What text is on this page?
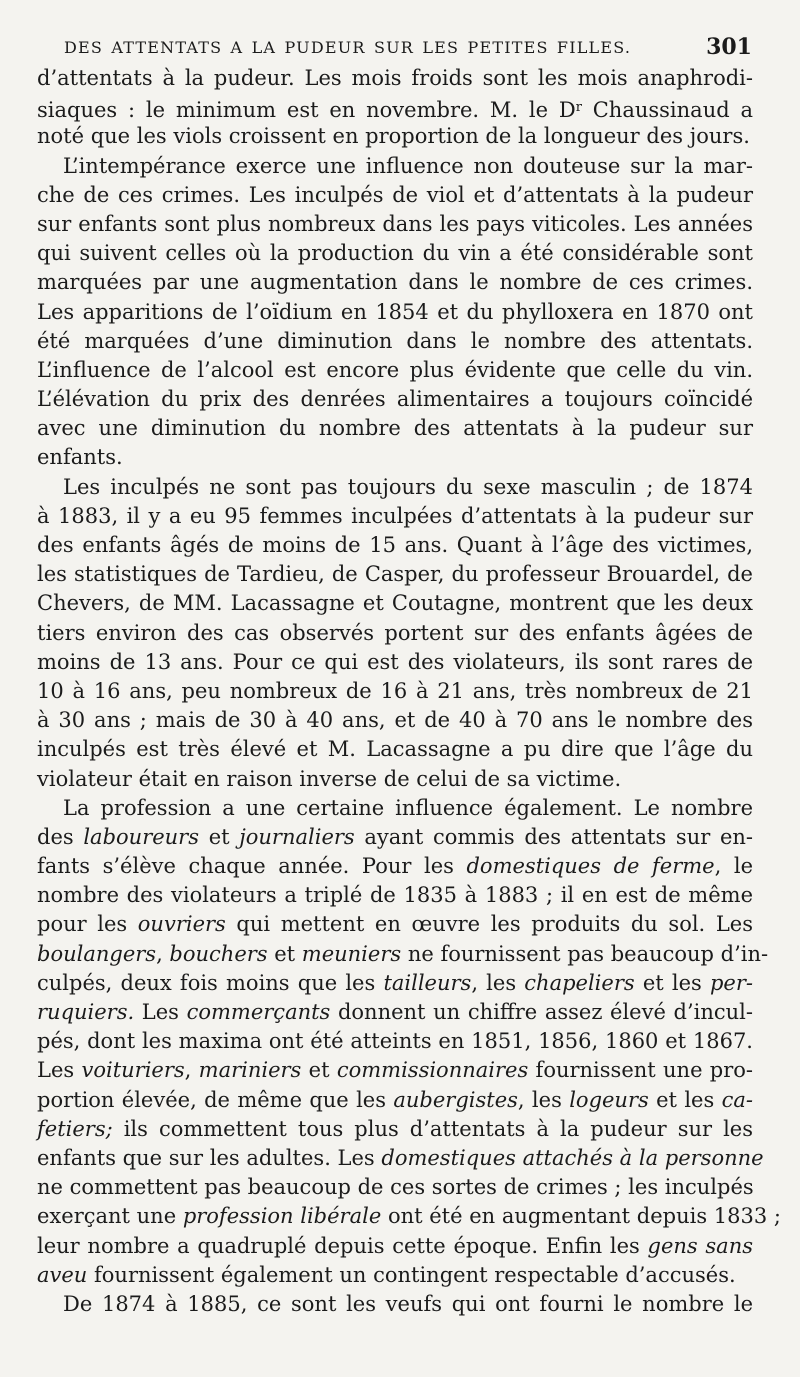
DES ATTENTATS A LA PUDEUR SUR LES PETITES FILLES.	301
d’attentats à la pudeur. Les mois froids sont les mois anaphrodi-
siaques : le minimum est en novembre. M. le $D^r$ Chaussinaud a
noté que les viols croissent en proportion de la longueur des jours.
L’intempérance exerce une influence non douteuse sur la mar-
che de ces crimes. Les inculpés de viol et d’attentats à la pudeur
sur enfants sont plus nombreux dans les pays viticoles. Les années
qui suivent celles où la production du vin a été considérable sont
marquées par une augmentation dans le nombre de ces crimes.
Les apparitions de l’oïdium en 1854 et du phylloxera en 1870 ont
été marquées d’une diminution dans le nombre des attentats.
L’influence de l’alcool est encore plus évidente que celle du vin.
L’élévation du prix des denrées alimentaires a toujours coïncidé
avec une diminution du nombre des attentats à la pudeur sur
enfants.
Les inculpés ne sont pas toujours du sexe masculin ; de 1874
à 1883, il y a eu 95 femmes inculpées d’attentats à la pudeur sur
des enfants âgés de moins de 15 ans. Quant à l’âge des victimes,
les statistiques de Tardieu, de Casper, du professeur Brouardel, de
Chevers, de MM. Lacassagne et Coutagne, montrent que les deux
tiers environ des cas observés portent sur des enfants âgées de
moins de 13 ans. Pour ce qui est des violateurs, ils sont rares de
10 à 16 ans, peu nombreux de 16 à 21 ans, très nombreux de 21
à 30 ans ; mais de 30 à 40 ans, et de 40 à 70 ans le nombre des
inculpés est très élevé et M. Lacassagne a pu dire que l’âge du
violateur était en raison inverse de celui de sa victime.
La profession a une certaine influence également. Le nombre
des laboureurs et journaliers ayant commis des attentats sur en-
fants s’élève chaque année. Pour les domestiques de ferme, le
nombre des violateurs a triplé de 1835 à 1883 ; il en est de même
pour les ouvriers qui mettent en œuvre les produits du sol. Les
boulangers, bouchers et meuniers ne fournissent pas beaucoup d’in-
culpés, deux fois moins que les tailleurs, les chapeliers et les per-
ruquiers. Les commerçants donnent un chiffre assez élevé d’incul-
pés, dont les maxima ont été atteints en 1851, 1856, 1860 et 1867.
Les voituriers, mariniers et commissionnaires fournissent une pro-
portion élevée, de même que les aubergistes, les logeurs et les ca-
fetiers; ils commettent tous plus d’attentats à la pudeur sur les
enfants que sur les adultes. Les domestiques attachés à la personne
ne commettent pas beaucoup de ces sortes de crimes ; les inculpés
exerçant une profession libérale ont été en augmentant depuis 1833 ;
leur nombre a quadruplé depuis cette époque. Enfin les gens sans
aveu fournissent également un contingent respectable d’accusés.
De 1874 à 1885, ce sont les veufs qui ont fourni le nombre le
